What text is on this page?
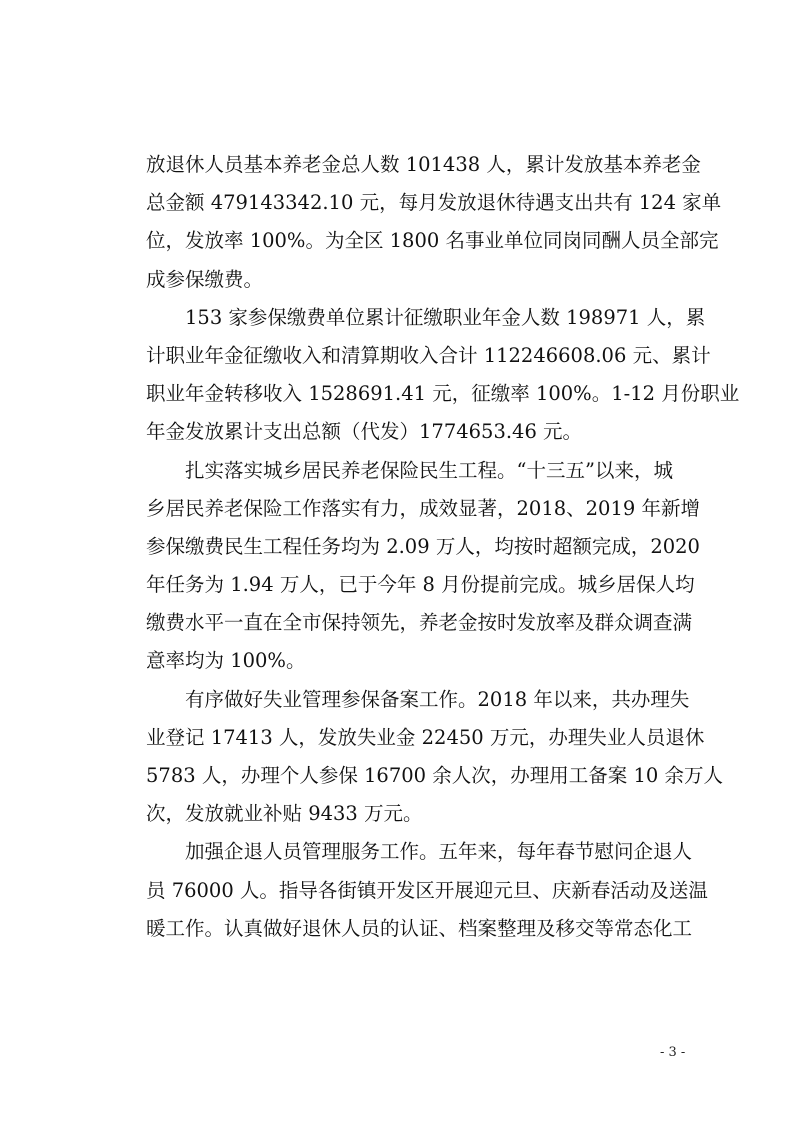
放退休人员基本养老金总人数 101438 人，累计发放基本养老金
总金额 479143342.10 元，每月发放退休待遇支出共有 124 家单
位，发放率 100%。为全区 1800 名事业单位同岗同酬人员全部完
成参保缴费。
153 家参保缴费单位累计征缴职业年金人数 198971 人，累
计职业年金征缴收入和清算期收入合计 112246608.06 元、累计
职业年金转移收入 1528691.41 元，征缴率 100%。1-12 月份职业
年金发放累计支出总额（代发）1774653.46 元。
扎实落实城乡居民养老保险民生工程。“十三五”以来，城
乡居民养老保险工作落实有力，成效显著，2018、2019 年新增
参保缴费民生工程任务均为 2.09 万人，均按时超额完成，2020
年任务为 1.94 万人，已于今年 8 月份提前完成。城乡居保人均
缴费水平一直在全市保持领先，养老金按时发放率及群众调查满
意率均为 100%。
有序做好失业管理参保备案工作。2018 年以来，共办理失
业登记 17413 人，发放失业金 22450 万元，办理失业人员退休
5783 人，办理个人参保 16700 余人次，办理用工备案 10 余万人
次，发放就业补贴 9433 万元。
加强企退人员管理服务工作。五年来，每年春节慰问企退人
员 76000 人。指导各街镇开发区开展迎元旦、庆新春活动及送温
暖工作。认真做好退休人员的认证、档案整理及移交等常态化工
- 3 -
